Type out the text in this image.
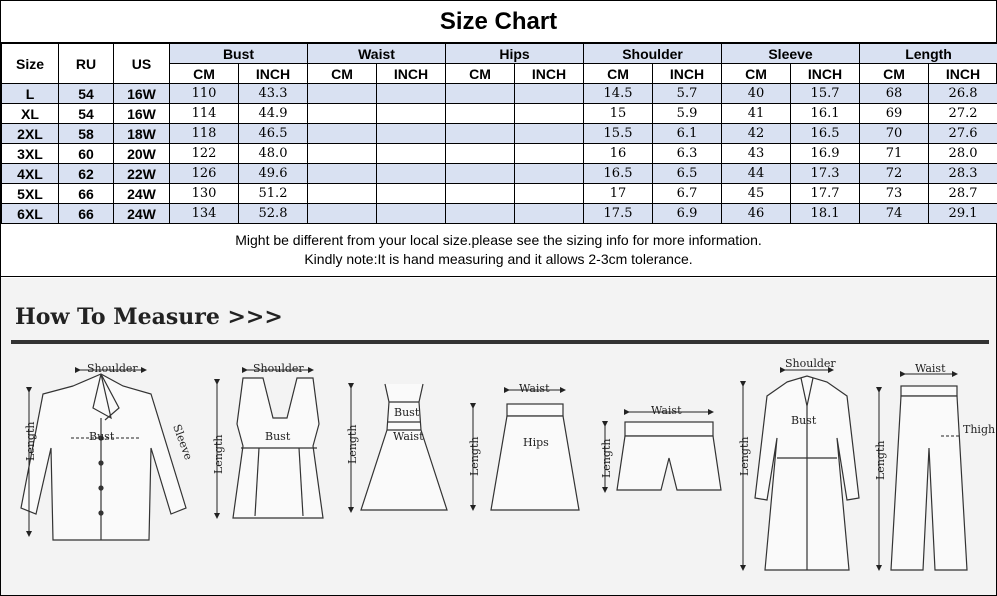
Size Chart
Size	RU	US	Bust		Waist		Hips		Shoulder		Sleeve		Length	
			CM	INCH	CM	INCH	CM	INCH	CM	INCH	CM	INCH	CM	INCH
L	54	16W	110	43.3					14.5	5.7	40	15.7	68	26.8
XL	54	16W	114	44.9					15	5.9	41	16.1	69	27.2
2XL	58	18W	118	46.5					15.5	6.1	42	16.5	70	27.6
3XL	60	20W	122	48.0					16	6.3	43	16.9	71	28.0
4XL	62	22W	126	49.6					16.5	6.5	44	17.3	72	28.3
5XL	66	24W	130	51.2					17	6.7	45	17.7	73	28.7
6XL	66	24W	134	52.8					17.5	6.9	46	18.1	74	29.1
Might be different from your local size.please see the sizing info for more information.
Kindly note:It is hand measuring and it allows 2-3cm tolerance.
How To Measure >>>
Shoulder
Bust
Length	Sleeve
Shoulder
Bust
Length
Bust
Waist
Length
Waist
Hips
Length
Waist
Length
Shoulder
Bust
Length
Waist
Thigh
Length
